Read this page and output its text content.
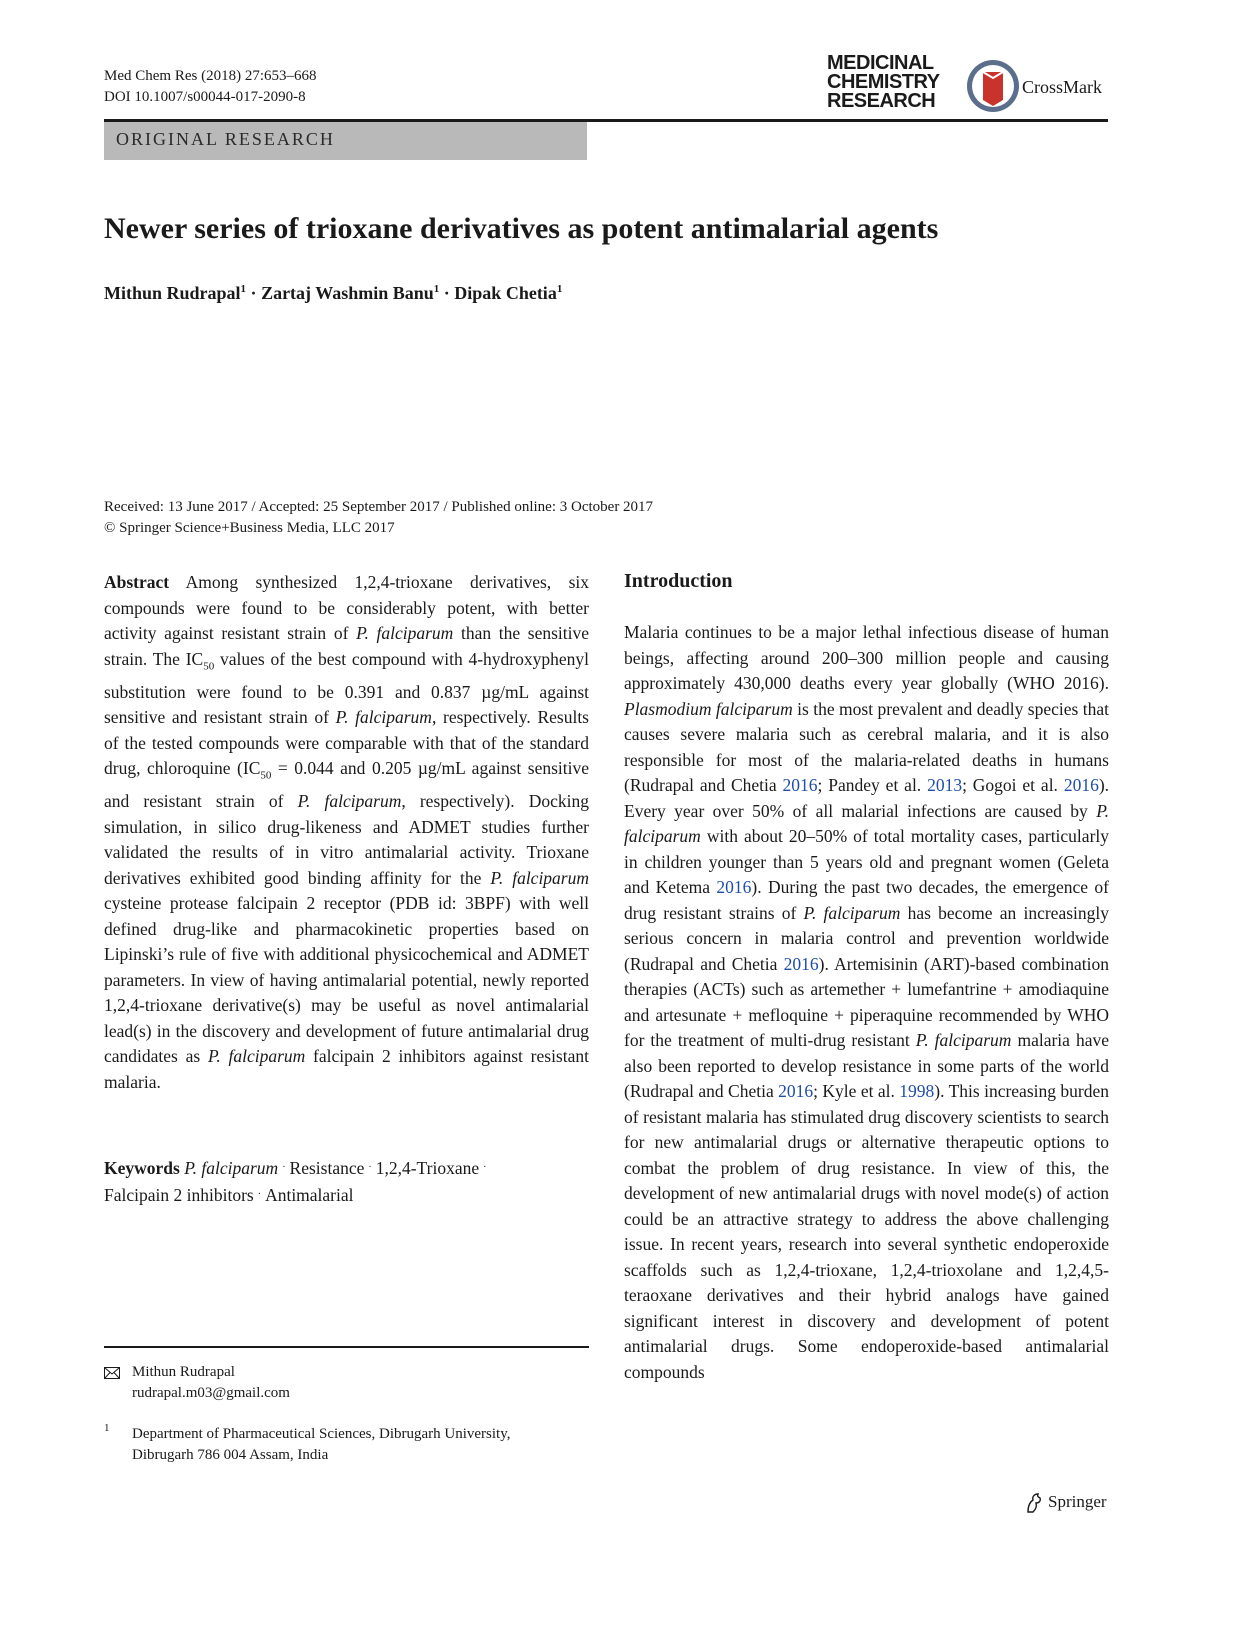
Med Chem Res (2018) 27:653–668
DOI 10.1007/s00044-017-2090-8
MEDICINAL
CHEMISTRY
RESEARCH
CrossMark
ORIGINAL RESEARCH
Newer series of trioxane derivatives as potent antimalarial agents
Mithun Rudrapal$^1$ · Zartaj Washmin Banu$^1$ · Dipak Chetia$^1$
Received: 13 June 2017 / Accepted: 25 September 2017 / Published online: 3 October 2017
© Springer Science+Business Media, LLC 2017
Abstract Among synthesized 1,2,4-trioxane derivatives, six compounds were found to be considerably potent, with better activity against resistant strain of P. falciparum than the sensitive strain. The $IC_{50}$ values of the best compound with 4-hydroxyphenyl substitution were found to be 0.391 and 0.837 µg/mL against sensitive and resistant strain of P. falciparum, respectively. Results of the tested compounds were comparable with that of the standard drug, chloroquine ($IC_{50} = 0.044$ and 0.205 µg/mL against sensitive and resistant strain of P. falciparum, respectively). Docking simulation, in silico drug-likeness and ADMET studies further validated the results of in vitro antimalarial activity. Trioxane derivatives exhibited good binding affinity for the P. falciparum cysteine protease falcipain 2 receptor (PDB id: 3BPF) with well defined drug-like and pharmacokinetic properties based on Lipinski’s rule of five with additional physicochemical and ADMET parameters. In view of having antimalarial potential, newly reported 1,2,4-trioxane derivative(s) may be useful as novel antimalarial lead(s) in the discovery and development of future antimalarial drug candidates as P. falciparum falcipain 2 inhibitors against resistant malaria.
Keywords P. falciparum · Resistance · 1,2,4-Trioxane ·
Falcipain 2 inhibitors · Antimalarial
Mithun Rudrapal
rudrapal.m03@gmail.com
1 Department of Pharmaceutical Sciences, Dibrugarh University,
Dibrugarh 786 004 Assam, India
Introduction
Malaria continues to be a major lethal infectious disease of human beings, affecting around 200–300 million people and causing approximately 430,000 deaths every year globally (WHO 2016). Plasmodium falciparum is the most prevalent and deadly species that causes severe malaria such as cerebral malaria, and it is also responsible for most of the malaria-related deaths in humans (Rudrapal and Chetia 2016; Pandey et al. 2013; Gogoi et al. 2016). Every year over 50% of all malarial infections are caused by P. falciparum with about 20–50% of total mortality cases, particularly in children younger than 5 years old and pregnant women (Geleta and Ketema 2016). During the past two decades, the emergence of drug resistant strains of P. falciparum has become an increasingly serious concern in malaria control and prevention worldwide (Rudrapal and Chetia 2016). Artemisinin (ART)-based combination therapies (ACTs) such as artemether + lumefantrine + amodiaquine and artesunate + mefloquine + piperaquine recommended by WHO for the treatment of multi-drug resistant P. falciparum malaria have also been reported to develop resistance in some parts of the world (Rudrapal and Chetia 2016; Kyle et al. 1998). This increasing burden of resistant malaria has stimulated drug discovery scientists to search for new antimalarial drugs or alternative therapeutic options to combat the problem of drug resistance. In view of this, the development of new antimalarial drugs with novel mode(s) of action could be an attractive strategy to address the above challenging issue. In recent years, research into several synthetic endoperoxide scaffolds such as 1,2,4-trioxane, 1,2,4-trioxolane and 1,2,4,5-teraoxane derivatives and their hybrid analogs have gained significant interest in discovery and development of potent antimalarial drugs. Some endoperoxide-based antimalarial compounds
Springer
